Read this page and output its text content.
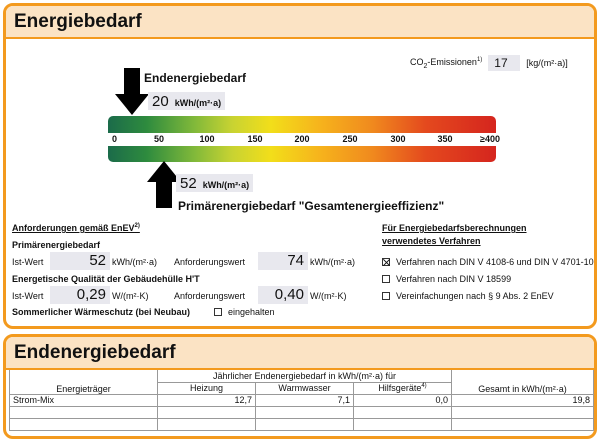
Energiebedarf
$CO_2-Emissionen^{1)}$	17	[kg/(m²·a)]
Endenergiebedarf
20 kWh/(m²·a)
0	50	100	150	200	250	300	350	≥400
52 kWh/(m²·a)
Primärenergiebedarf "Gesamtenergieeffizienz"
Anforderungen gemäß EnEV$^{2)}$
Primärenergiebedarf
Ist-Wert	52 kWh/(m²·a) Anforderungswert	74 kWh/(m²·a)
Energetische Qualität der Gebäudehülle H'T
Ist-Wert	0,29 W/(m²·K)	Anforderungswert	0,40 W/(m²·K)
Sommerlicher Wärmeschutz (bei Neubau)	eingehalten
Für Energiebedarfsberechnungen
verwendetes Verfahren
Verfahren nach DIN V 4108-6 und DIN V 4701-10
Verfahren nach DIN V 18599
Vereinfachungen nach § 9 Abs. 2 EnEV
Endenergiebedarf
Energieträger	Jährlicher Endenergiebedarf in kWh/(m²·a) für			Gesamt in kWh/(m²·a)
	Heizung	Warmwasser	Hilfsgeräte$^{4)}$
Strom-Mix	12,7	7,1	0,0	19,8
